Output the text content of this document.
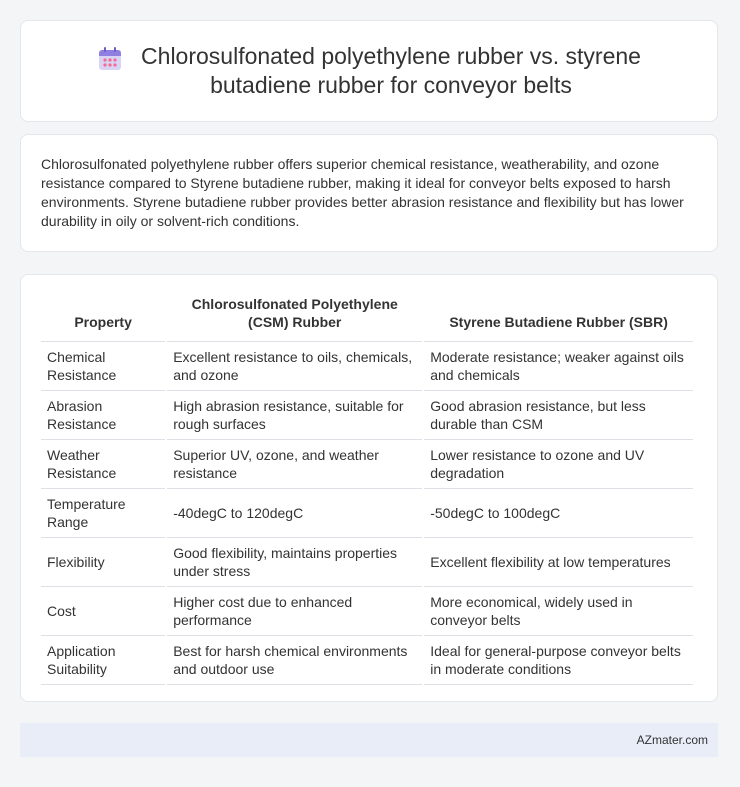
Chlorosulfonated polyethylene rubber vs. styrene
butadiene rubber for conveyor belts

Chlorosulfonated polyethylene rubber offers superior chemical resistance, weatherability, and ozone resistance compared to Styrene butadiene rubber, making it ideal for conveyor belts exposed to harsh environments. Styrene butadiene rubber provides better abrasion resistance and flexibility but has lower durability in oily or solvent-rich conditions.

Property	Chlorosulfonated Polyethylene (CSM) Rubber	Styrene Butadiene Rubber (SBR)
Chemical Resistance	Excellent resistance to oils, chemicals, and ozone	Moderate resistance; weaker against oils and chemicals
Abrasion Resistance	High abrasion resistance, suitable for rough surfaces	Good abrasion resistance, but less durable than CSM
Weather Resistance	Superior UV, ozone, and weather resistance	Lower resistance to ozone and UV degradation
Temperature Range	-40degC to 120degC	-50degC to 100degC
Flexibility	Good flexibility, maintains properties under stress	Excellent flexibility at low temperatures
Cost	Higher cost due to enhanced performance	More economical, widely used in conveyor belts
Application Suitability	Best for harsh chemical environments and outdoor use	Ideal for general-purpose conveyor belts in moderate conditions
AZmater.com
